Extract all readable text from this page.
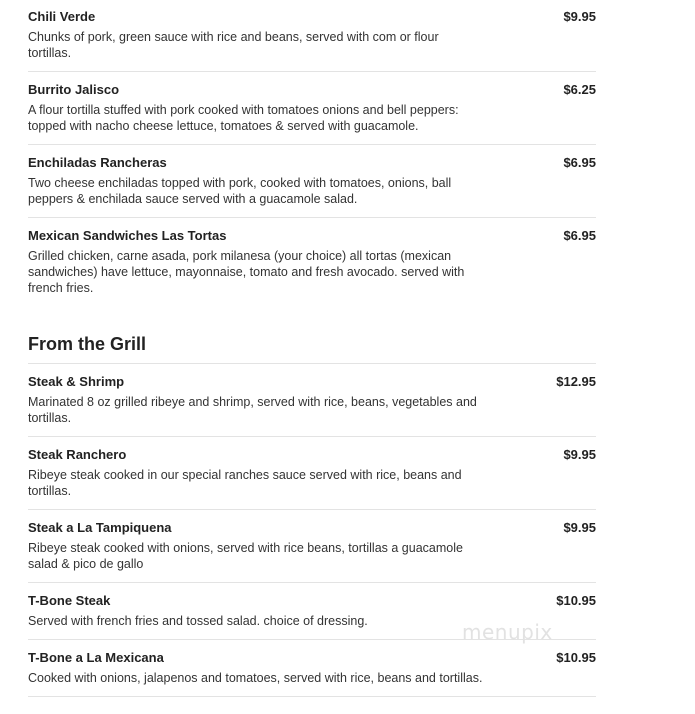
Chili Verde	$9.95
Chunks of pork, green sauce with rice and beans, served with com or flour tortillas.
Burrito Jalisco	$6.25
A flour tortilla stuffed with pork cooked with tomatoes onions and bell peppers: topped with nacho cheese lettuce, tomatoes & served with guacamole.
Enchiladas Rancheras	$6.95
Two cheese enchiladas topped with pork, cooked with tomatoes, onions, ball peppers & enchilada sauce served with a guacamole salad.
Mexican Sandwiches Las Tortas	$6.95
Grilled chicken, carne asada, pork milanesa (your choice) all tortas (mexican sandwiches) have lettuce, mayonnaise, tomato and fresh avocado. served with french fries.
From the Grill
Steak & Shrimp	$12.95
Marinated 8 oz grilled ribeye and shrimp, served with rice, beans, vegetables and tortillas.
Steak Ranchero	$9.95
Ribeye steak cooked in our special ranches sauce served with rice, beans and tortillas.
Steak a La Tampiquena	$9.95
Ribeye steak cooked with onions, served with rice beans, tortillas a guacamole salad & pico de gallo
T-Bone Steak	$10.95
Served with french fries and tossed salad. choice of dressing.
T-Bone a La Mexicana	$10.95
Cooked with onions, jalapenos and tomatoes, served with rice, beans and tortillas.
menupix
